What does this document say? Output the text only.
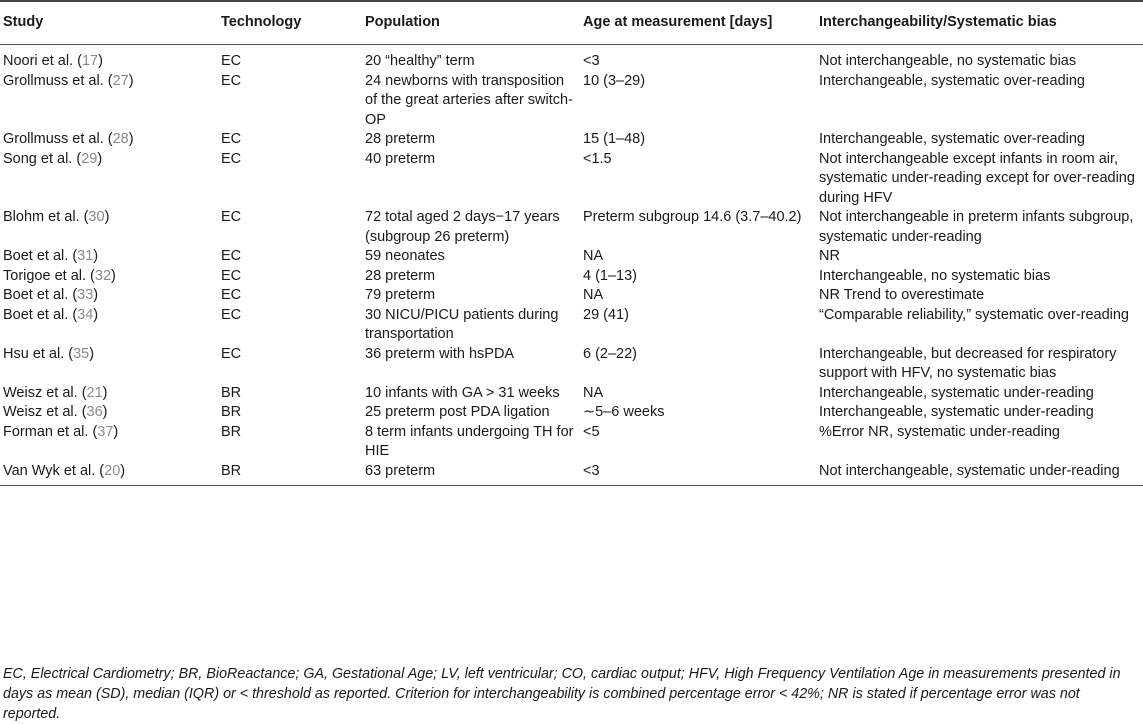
Study	Technology	Population	Age at measurement [days]	Interchangeability/Systematic bias
Noori et al. (17)	EC	20 “healthy” term	<3	Not interchangeable, no systematic bias
Grollmuss et al. (27)	EC	24 newborns with transposition of the great arteries after switch-OP	10 (3–29)	Interchangeable, systematic over-reading
Grollmuss et al. (28)	EC	28 preterm	15 (1–48)	Interchangeable, systematic over-reading
Song et al. (29)	EC	40 preterm	<1.5	Not interchangeable except infants in room air, systematic under-reading except for over-reading during HFV
Blohm et al. (30)	EC	72 total aged 2 days−17 years (subgroup 26 preterm)	Preterm subgroup 14.6 (3.7–40.2)	Not interchangeable in preterm infants subgroup, systematic under-reading
Boet et al. (31)	EC	59 neonates	NA	NR
Torigoe et al. (32)	EC	28 preterm	4 (1–13)	Interchangeable, no systematic bias
Boet et al. (33)	EC	79 preterm	NA	NR Trend to overestimate
Boet et al. (34)	EC	30 NICU/PICU patients during transportation	29 (41)	“Comparable reliability,” systematic over-reading
Hsu et al. (35)	EC	36 preterm with hsPDA	6 (2–22)	Interchangeable, but decreased for respiratory support with HFV, no systematic bias
Weisz et al. (21)	BR	10 infants with GA > 31 weeks	NA	Interchangeable, systematic under-reading
Weisz et al. (36)	BR	25 preterm post PDA ligation	∼5–6 weeks	Interchangeable, systematic under-reading
Forman et al. (37)	BR	8 term infants undergoing TH for HIE	<5	%Error NR, systematic under-reading
Van Wyk et al. (20)	BR	63 preterm	<3	Not interchangeable, systematic under-reading
EC, Electrical Cardiometry; BR, BioReactance; GA, Gestational Age; LV, left ventricular; CO, cardiac output; HFV, High Frequency Ventilation Age in measurements presented in days as mean (SD), median (IQR) or < threshold as reported. Criterion for interchangeability is combined percentage error < 42%; NR is stated if percentage error was not reported.
